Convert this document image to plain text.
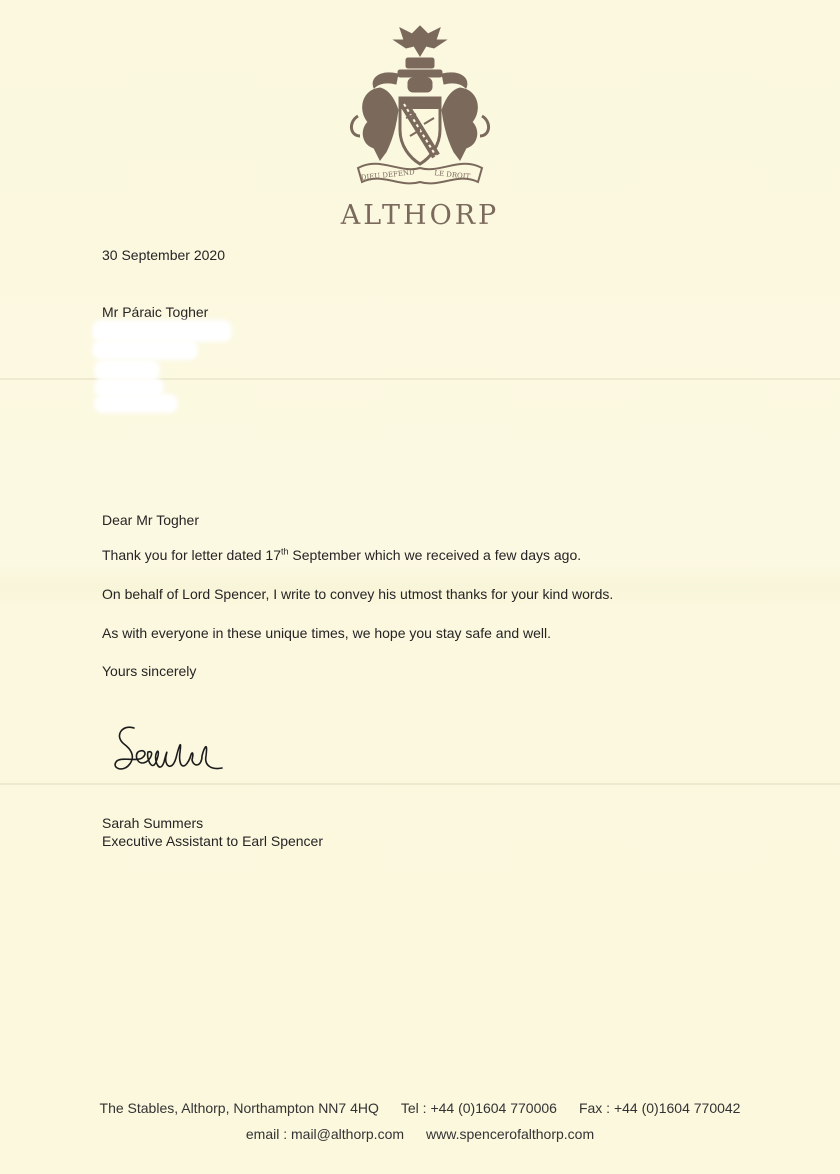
DIEU DEFEND	LE DROIT
ALTHORP
30 September 2020
Mr Páraic Togher
Dear Mr Togher
Thank you for letter dated 17th September which we received a few days ago.
On behalf of Lord Spencer, I write to convey his utmost thanks for your kind words.
As with everyone in these unique times, we hope you stay safe and well.
Yours sincerely
Sarah Summers
Executive Assistant to Earl Spencer
The Stables, Althorp, Northampton NN7 4HQ Tel : +44 (0)1604 770006 Fax : +44 (0)1604 770042
email : mail@althorp.com www.spencerofalthorp.com
